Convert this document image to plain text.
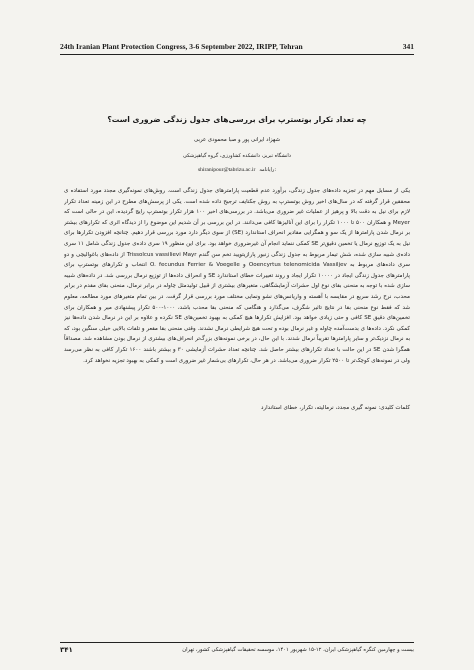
24th Iranian Plant Protection Congress, 3-6 September 2022, IRIPP, Tehran	341
چه تعداد تکرار بوتسترپ برای بررسی‌های جدول زندگی ضروری است؟
شهزاد ایرانی پور و صبا محمودی عربی
دانشگاه تبریز، دانشکده کشاورزی، گروه گیاهپزشکی
shiranipour@tabrizu.ac.ir رایانامه:

یکی از مسایل مهم در تجزیه داده‌های جدول زندگی، برآورد عدم قطعیت پارامترهای جدول زندگی است. روش‌های نمونه‌گیری مجدد مورد استفاده ی محققین قرار گرفته که در سال‌های اخیر روش بوتسترپ به روش جکنایف ترجیح داده شده است. یکی از پرسش‌های مطرح در این زمینه تعداد تکرار لازم برای نیل به دقت بالا و پرهیز از عملیات غیر ضروری می‌باشد. در بررسی‌های اخیر ۱۰۰ هزار تکرار بوتسترپ رایج گردیده، این در حالی است که Meyer و همکاران ۵۰۰ تا ۱۰۰۰ تکرار را برای این آنالیزها کافی می‌دانند. در این بررسی بر آن شدیم این موضوع را از دیدگاه اثری که تکرارهای بیشتر بر نرمال شدن پارامترها از یک سو و همگرایی مقادیر انحراف استاندارد (SE) از سوی دیگر دارد مورد بررسی قرار دهیم. چنانچه افزودن تکرارها برای نیل به یک توزیع نرمال یا تخمین دقیق‌تر SE کمکی ننماید انجام آن غیرضروری خواهد بود. برای این منظور ۱۹ سری داده‌ی جدول زندگی شامل ۱۱ سری داده‌ی شبیه سازی شده، شش تیمار مربوط به جدول زندگی زنبور پارازیتویید تخم سن گندم Trissolcus vassilievi Mayr از داده‌های باغوالیچی و دو سری داده‌های مربوط به Ooencyrtus telenomicida Vassiljev و O. fecundus Ferrier & Voegelle انتخاب و تکرارهای بوتسترپ برای پارامترهای جدول زندگی ایجاد در ۱۰۰۰۰ تکرار ایجاد و روند تغییرات خطای استاندارد SE و انحراف داده‌ها از توزیع نرمال بررسی شد. در داده‌های شبیه سازی شده با توجه به منحنی بقای نوع اول حشرات آزمایشگاهی، متغیرهای بیشتری از قبیل تولیدمثل چاوله در برابر نرمال، منحنی بقای مقدم در برابر محدب، نرخ رشد سریع در مقایسه با آهسته و واریانس‌های نشو ونمایی مختلف مورد بررسی قرار گرفت. در بین تمام متغیرهای مورد مطالعه، معلوم شد که فقط نوع منحنی بقا در نتایج تاثیر شگرف، می‌گذارد و هنگامی که منحنی بقا محدب باشد، ۱۰۰۰-۵۰۰ تکرار پیشنهادی میر و همکاران برای تخمین‌های دقیق SE کافی و حتی زیادی خواهد بود. افزایش تکرارها هیچ کمکی به بهبود تخمین‌های SE نکرده و علاوه بر این در نرمال شدن داده‌ها نیز کمکی نکرد. داده‌ها ی بدست‌آمده چاوله و غیر نرمال بوده و تحت هیچ شرایطی نرمال نشدند. وقتی منحنی بقا مقعر و تلفات بالایی خیلی سنگین بود، که به نرمال نزدیک‌تر و سایر پارامترها تقریباً نرمال شدند. با این حال، در برخی نمونه‌های بزرگ‌تر انحراف‌های بیشتری از نرمال بودن مشاهده شد. مصداقاً همگرا شدن SE در این حالت با تعداد تکرارهای بیشتر حاصل شد. چنانچه تعداد حشرات آزمایشی ۳۰ و بیشتر باشند ۱۶۰۰ تکرار کافی به نظر می‌رسد ولی در نمونه‌های کوچک‌تر تا ۲۵۰۰ تکرار ضروری می‌باشد. در هر حال، تکرارهای بی‌شمار غیر ضروری است و کمکی به بهبود تجزیه نخواهد کرد.

کلمات کلیدی: نمونه گیری مجدد، نرمالیته، تکرار، خطای استاندارد
بیست و چهارمین کنگره گیاهپزشکی ایران، ۱۲-۱۵ شهریور ۱۴۰۱، موسسه تحقیقات گیاهپزشکی کشور، تهران
۳۴۱
